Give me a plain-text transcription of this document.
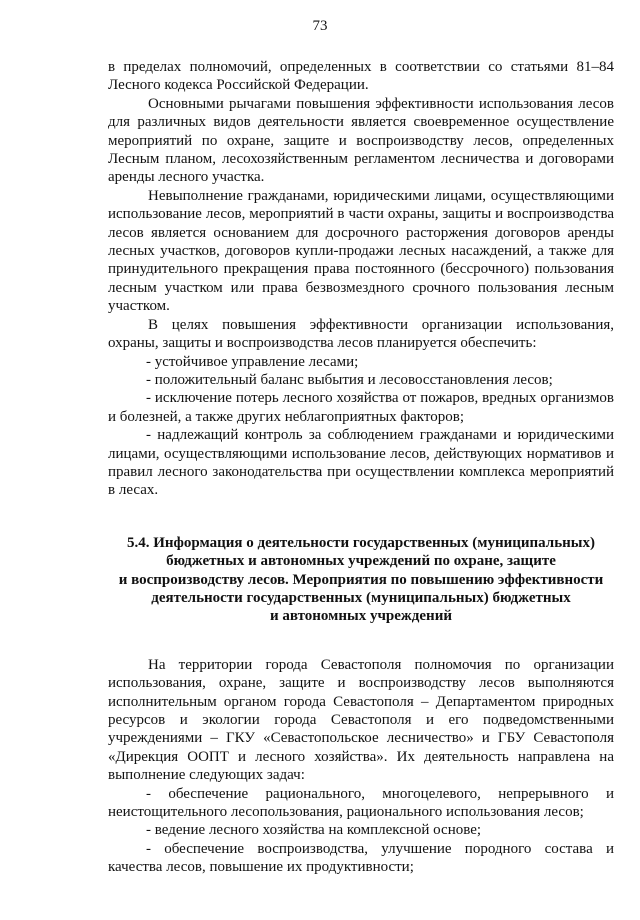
73

в пределах полномочий, определенных в соответствии со статьями 81–84 Лесного кодекса Российской Федерации.

Основными рычагами повышения эффективности использования лесов для различных видов деятельности является своевременное осуществление мероприятий по охране, защите и воспроизводству лесов, определенных Лесным планом, лесохозяйственным регламентом лесничества и договорами аренды лесного участка.

Невыполнение гражданами, юридическими лицами, осуществляющими использование лесов, мероприятий в части охраны, защиты и воспроизводства лесов является основанием для досрочного расторжения договоров аренды лесных участков, договоров купли-продажи лесных насаждений, а также для принудительного прекращения права постоянного (бессрочного) пользования лесным участком или права безвозмездного срочного пользования лесным участком.

В целях повышения эффективности организации использования, охраны, защиты и воспроизводства лесов планируется обеспечить:

- устойчивое управление лесами;

- положительный баланс выбытия и лесовосстановления лесов;

- исключение потерь лесного хозяйства от пожаров, вредных организмов и болезней, а также других неблагоприятных факторов;

- надлежащий контроль за соблюдением гражданами и юридическими лицами, осуществляющими использование лесов, действующих нормативов и правил лесного законодательства при осуществлении комплекса мероприятий в лесах.

5.4. Информация о деятельности государственных (муниципальных)
бюджетных и автономных учреждений по охране, защите
и воспроизводству лесов. Мероприятия по повышению эффективности
деятельности государственных (муниципальных) бюджетных
и автономных учреждений

На территории города Севастополя полномочия по организации использования, охране, защите и воспроизводству лесов выполняются исполнительным органом города Севастополя – Департаментом природных ресурсов и экологии города Севастополя и его подведомственными учреждениями – ГКУ «Севастопольское лесничество» и ГБУ Севастополя «Дирекция ООПТ и лесного хозяйства». Их деятельность направлена на выполнение следующих задач:

- обеспечение рационального, многоцелевого, непрерывного и неистощительного лесопользования, рационального использования лесов;

- ведение лесного хозяйства на комплексной основе;

- обеспечение воспроизводства, улучшение породного состава и качества лесов, повышение их продуктивности;
